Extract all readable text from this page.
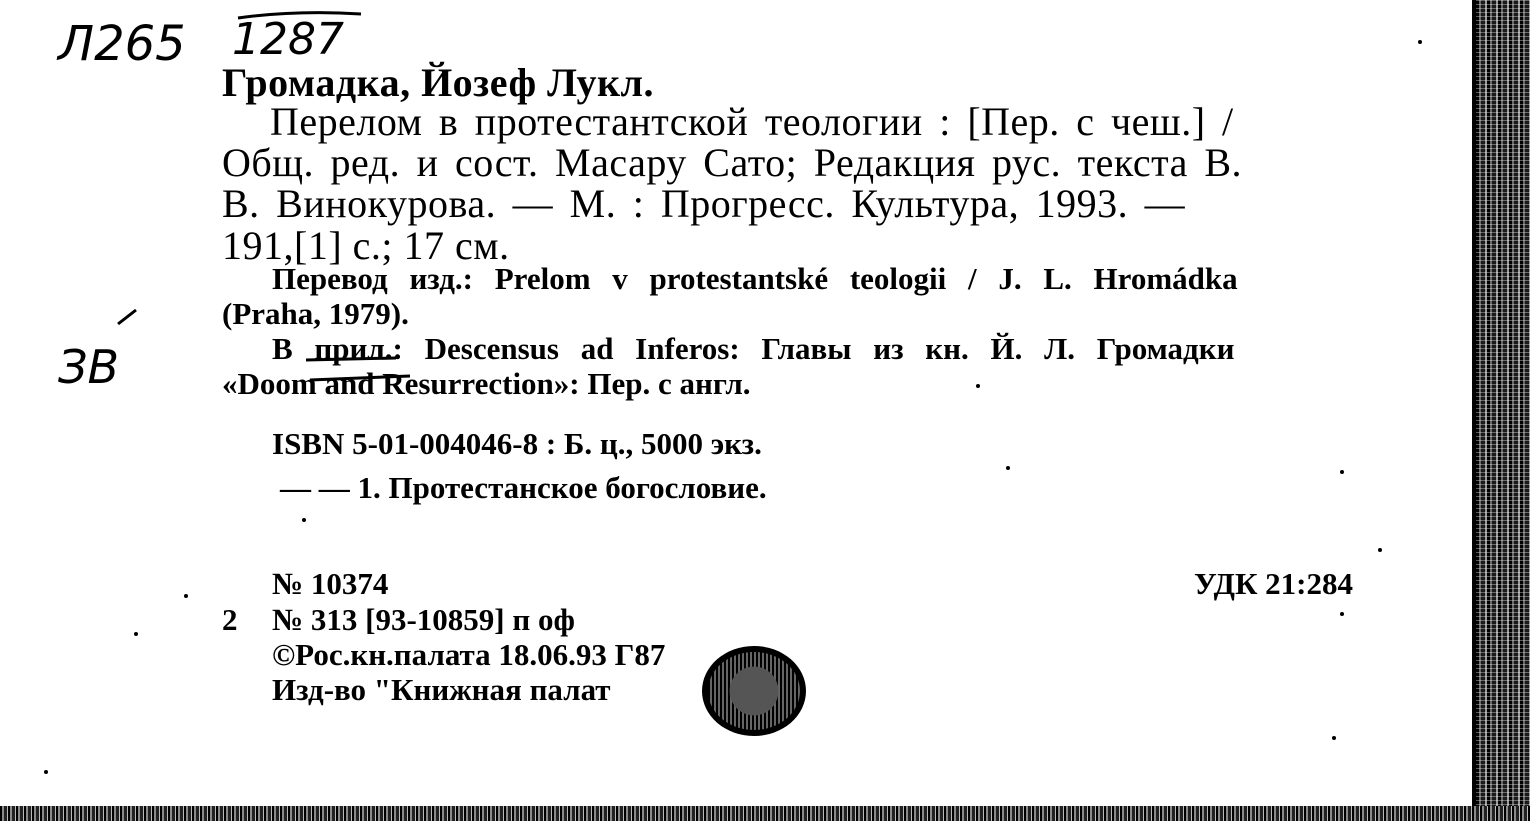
Л265 1287
ЗВ
Громадка, Йозеф Лукл.
Перелом в протестантской теологии : [Пер. с чеш.] /
Общ. ред. и сост. Масару Сато; Редакция рус. текста В.
В. Винокурова. — М. : Прогресс. Культура, 1993. —
191,[1] с.; 17 см.
Перевод изд.: Prelom v protestantské teologii / J. L. Hromádka
(Praha, 1979).
В прил.: Descensus ad Inferos: Главы из кн. Й. Л. Громадки
«Doom and Resurrection»: Пер. с англ.
ISBN 5-01-004046-8 : Б. ц., 5000 экз.
— — 1. Протестанское богословие.
№ 10374	УДК 21:284
2 № 313 [93-10859] п оф
©Рос.кн.палата 18.06.93 Г87
Изд-во "Книжная палат
